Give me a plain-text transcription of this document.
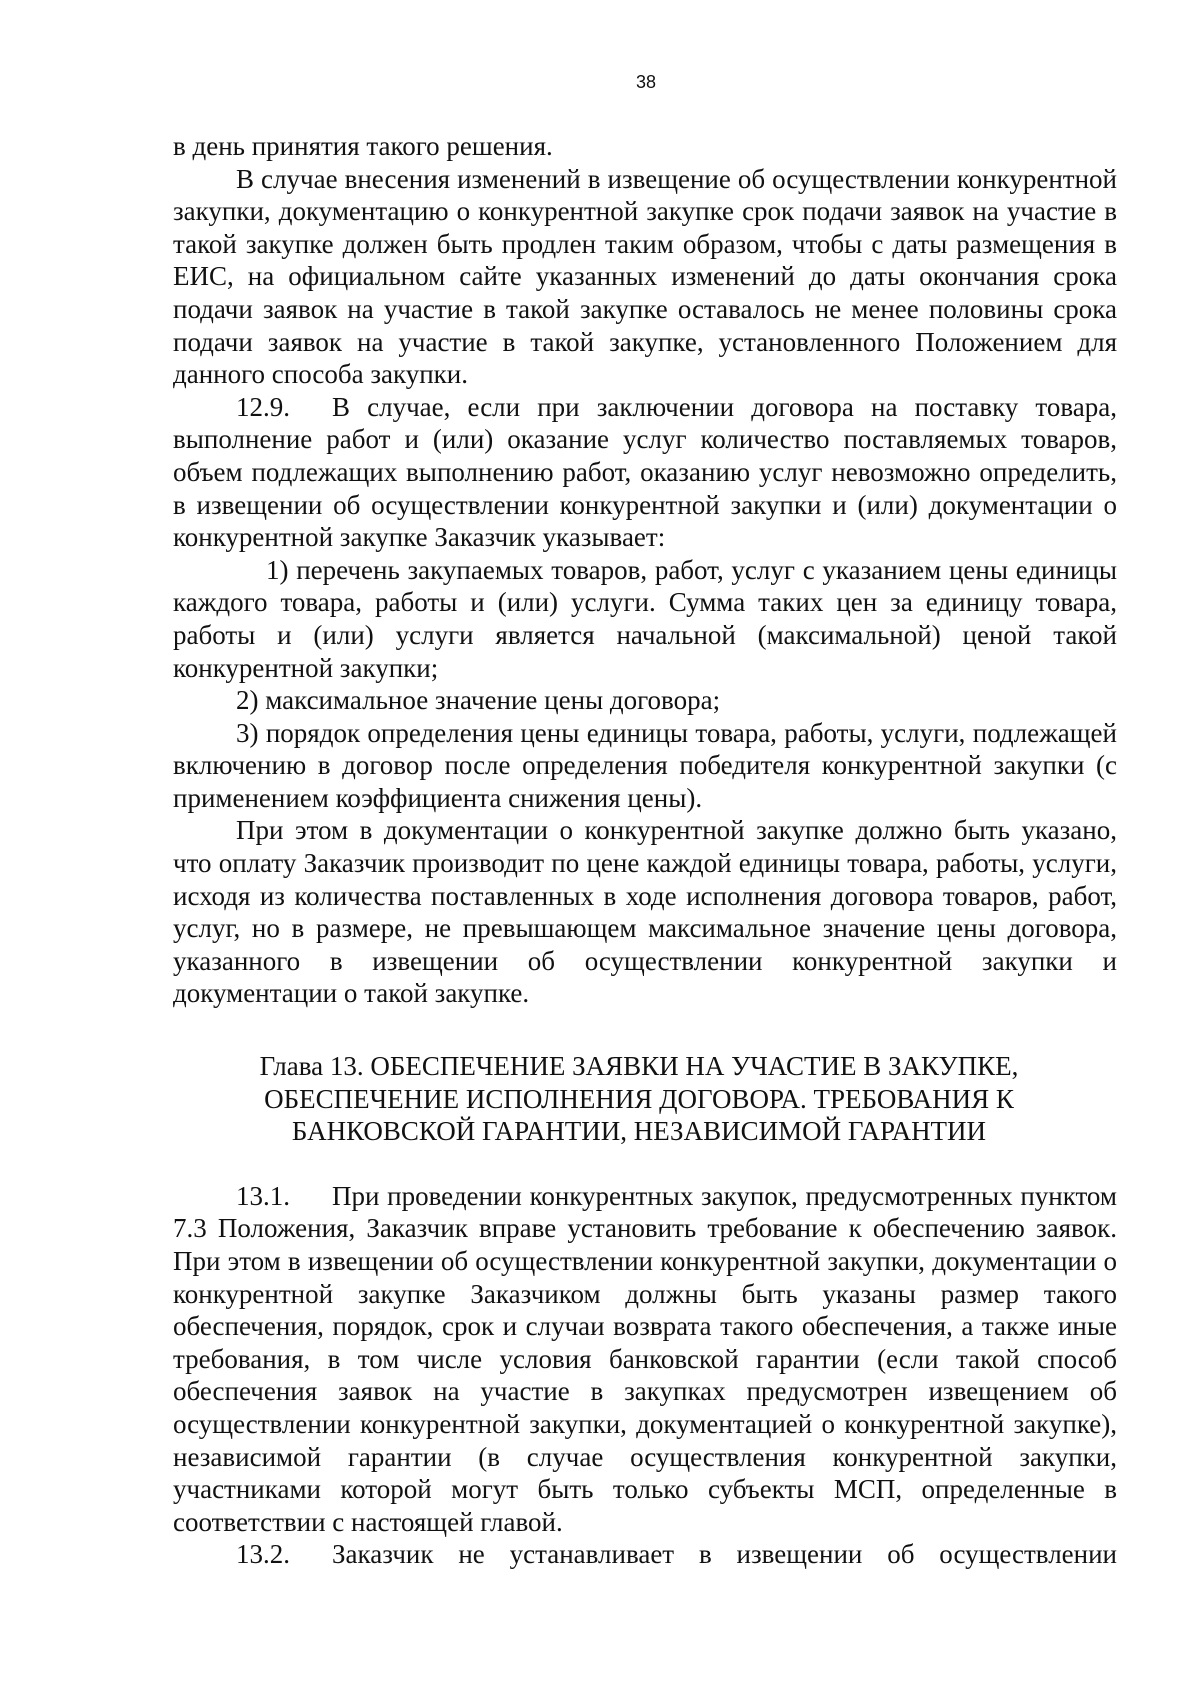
38

в день принятия такого решения.

В случае внесения изменений в извещение об осуществлении конкурентной закупки, документацию о конкурентной закупке срок подачи заявок на участие в такой закупке должен быть продлен таким образом, чтобы с даты размещения в ЕИС, на официальном сайте указанных изменений до даты окончания срока подачи заявок на участие в такой закупке оставалось не менее половины срока подачи заявок на участие в такой закупке, установленного Положением для данного способа закупки.

12.9. В случае, если при заключении договора на поставку товара, выполнение работ и (или) оказание услуг количество поставляемых товаров, объем подлежащих выполнению работ, оказанию услуг невозможно определить, в извещении об осуществлении конкурентной закупки и (или) документации о конкурентной закупке Заказчик указывает:

1) перечень закупаемых товаров, работ, услуг с указанием цены единицы каждого товара, работы и (или) услуги. Сумма таких цен за единицу товара, работы и (или) услуги является начальной (максимальной) ценой такой конкурентной закупки;

2) максимальное значение цены договора;

3) порядок определения цены единицы товара, работы, услуги, подлежащей включению в договор после определения победителя конкурентной закупки (с применением коэффициента снижения цены).

При этом в документации о конкурентной закупке должно быть указано, что оплату Заказчик производит по цене каждой единицы товара, работы, услуги, исходя из количества поставленных в ходе исполнения договора товаров, работ, услуг, но в размере, не превышающем максимальное значение цены договора, указанного в извещении об осуществлении конкурентной закупки и документации о такой закупке.

Глава 13. ОБЕСПЕЧЕНИЕ ЗАЯВКИ НА УЧАСТИЕ В ЗАКУПКЕ,
ОБЕСПЕЧЕНИЕ ИСПОЛНЕНИЯ ДОГОВОРА. ТРЕБОВАНИЯ К
БАНКОВСКОЙ ГАРАНТИИ, НЕЗАВИСИМОЙ ГАРАНТИИ

13.1. При проведении конкурентных закупок, предусмотренных пунктом 7.3 Положения, Заказчик вправе установить требование к обеспечению заявок. При этом в извещении об осуществлении конкурентной закупки, документации о конкурентной закупке Заказчиком должны быть указаны размер такого обеспечения, порядок, срок и случаи возврата такого обеспечения, а также иные требования, в том числе условия банковской гарантии (если такой способ обеспечения заявок на участие в закупках предусмотрен извещением об осуществлении конкурентной закупки, документацией о конкурентной закупке), независимой гарантии (в случае осуществления конкурентной закупки, участниками которой могут быть только субъекты МСП, определенные в соответствии с настоящей главой.

13.2. Заказчик не устанавливает в извещении об осуществлении
